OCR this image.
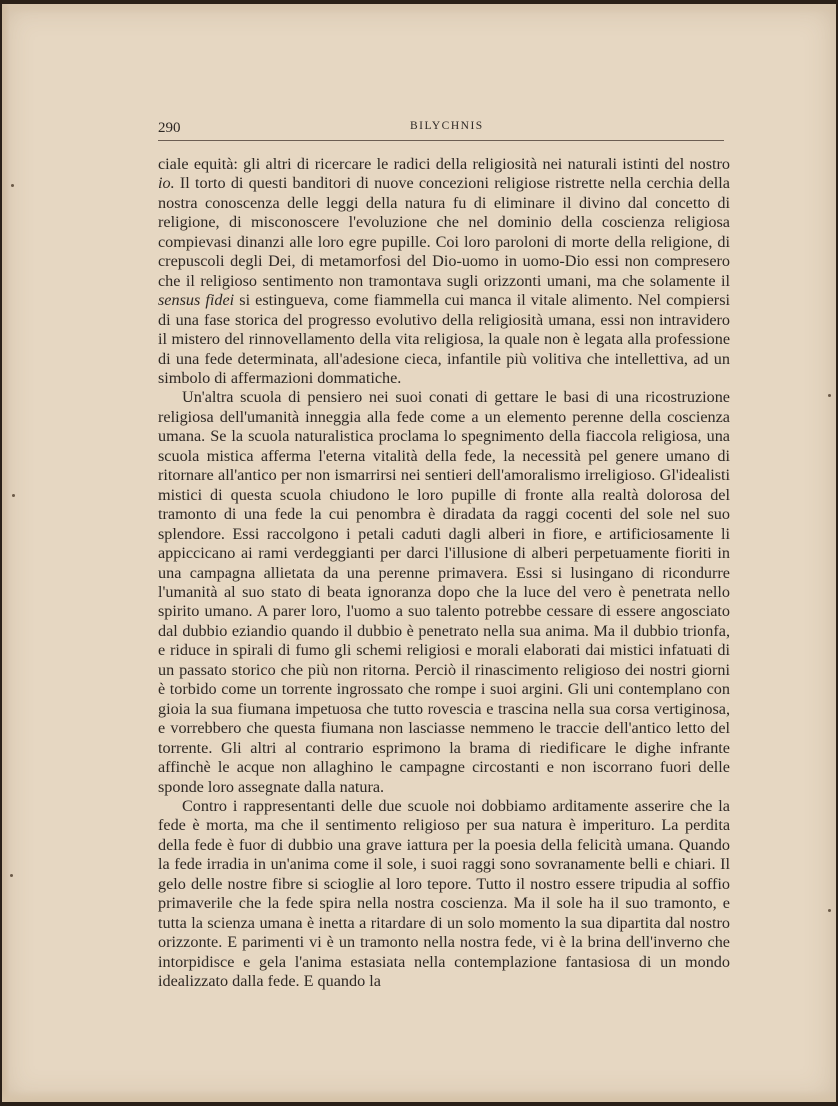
290	BILYCHNIS

ciale equità: gli altri di ricercare le radici della religiosità nei naturali istinti del nostro io. Il torto di questi banditori di nuove concezioni religiose ristrette nella cerchia della nostra conoscenza delle leggi della natura fu di eliminare il divino dal concetto di religione, di misconoscere l'evoluzione che nel dominio della coscienza religiosa compievasi dinanzi alle loro egre pupille. Coi loro paroloni di morte della religione, di crepuscoli degli Dei, di metamorfosi del Dio-uomo in uomo-Dio essi non compresero che il religioso sentimento non tramontava sugli orizzonti umani, ma che solamente il sensus fidei si estingueva, come fiammella cui manca il vitale alimento. Nel compiersi di una fase storica del progresso evolutivo della religiosità umana, essi non intravidero il mistero del rinnovellamento della vita religiosa, la quale non è legata alla professione di una fede determinata, all'adesione cieca, infantile più volitiva che intellettiva, ad un simbolo di affermazioni dommatiche.

Un'altra scuola di pensiero nei suoi conati di gettare le basi di una ricostruzione religiosa dell'umanità inneggia alla fede come a un elemento perenne della coscienza umana. Se la scuola naturalistica proclama lo spegnimento della fiaccola religiosa, una scuola mistica afferma l'eterna vitalità della fede, la necessità pel genere umano di ritornare all'antico per non ismarrirsi nei sentieri dell'amoralismo irreligioso. Gl'idealisti mistici di questa scuola chiudono le loro pupille di fronte alla realtà dolorosa del tramonto di una fede la cui penombra è diradata da raggi cocenti del sole nel suo splendore. Essi raccolgono i petali caduti dagli alberi in fiore, e artificiosamente li appiccicano ai rami verdeggianti per darci l'illusione di alberi perpetuamente fioriti in una campagna allietata da una perenne primavera. Essi si lusingano di ricondurre l'umanità al suo stato di beata ignoranza dopo che la luce del vero è penetrata nello spirito umano. A parer loro, l'uomo a suo talento potrebbe cessare di essere angosciato dal dubbio eziandio quando il dubbio è penetrato nella sua anima. Ma il dubbio trionfa, e riduce in spirali di fumo gli schemi religiosi e morali elaborati dai mistici infatuati di un passato storico che più non ritorna. Perciò il rinascimento religioso dei nostri giorni è torbido come un torrente ingrossato che rompe i suoi argini. Gli uni contemplano con gioia la sua fiumana impetuosa che tutto rovescia e trascina nella sua corsa vertiginosa, e vorrebbero che questa fiumana non lasciasse nemmeno le traccie dell'antico letto del torrente. Gli altri al contrario esprimono la brama di riedificare le dighe infrante affinchè le acque non allaghino le campagne circostanti e non iscorrano fuori delle sponde loro assegnate dalla natura.

Contro i rappresentanti delle due scuole noi dobbiamo arditamente asserire che la fede è morta, ma che il sentimento religioso per sua natura è imperituro. La perdita della fede è fuor di dubbio una grave iattura per la poesia della felicità umana. Quando la fede irradia in un'anima come il sole, i suoi raggi sono sovranamente belli e chiari. Il gelo delle nostre fibre si scioglie al loro tepore. Tutto il nostro essere tripudia al soffio primaverile che la fede spira nella nostra coscienza. Ma il sole ha il suo tramonto, e tutta la scienza umana è inetta a ritardare di un solo momento la sua dipartita dal nostro orizzonte. E parimenti vi è un tramonto nella nostra fede, vi è la brina dell'inverno che intorpidisce e gela l'anima estasiata nella contemplazione fantasiosa di un mondo idealizzato dalla fede. E quando la
